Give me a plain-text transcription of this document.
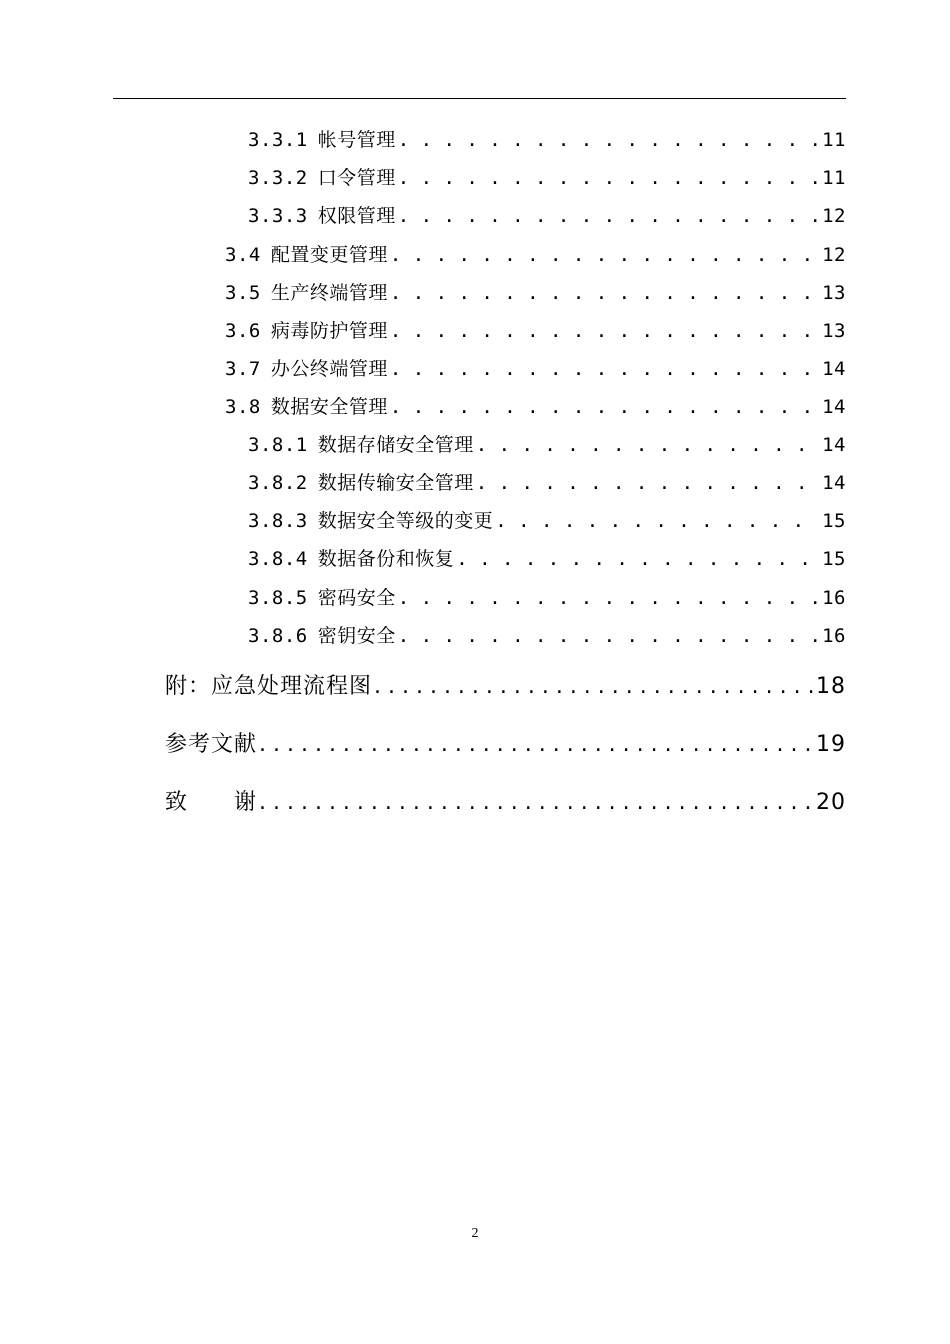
3.3.1 帐号管理 . . .	11
3.3.2 口令管理 . . .	11
3.3.3 权限管理 . . .	12
3.4 配置变更管理 . . .	12
3.5 生产终端管理 . . .	13
3.6 病毒防护管理 . . .	13
3.7 办公终端管理 . . .	14
3.8 数据安全管理 . . .	14
3.8.1 数据存储安全管理 . . .	14
3.8.2 数据传输安全管理 . . .	14
3.8.3 数据安全等级的变更 . . .	15
3.8.4 数据备份和恢复 . . .	15
3.8.5 密码安全 . . .	16
3.8.6 密钥安全 . . .	16
附：应急处理流程图 . . .	18
参考文献 . . .	19
致　　谢 . . .	20
2
